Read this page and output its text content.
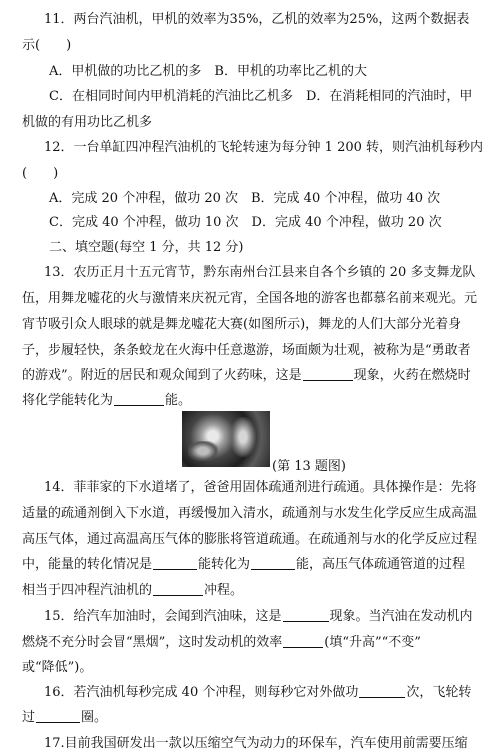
11．两台汽油机，甲机的效率为35%，乙机的效率为25%，这两个数据表
示(　　)
A．甲机做的功比乙机的多　B．甲机的功率比乙机的大
C．在相同时间内甲机消耗的汽油比乙机多　D．在消耗相同的汽油时，甲
机做的有用功比乙机多
12．一台单缸四冲程汽油机的飞轮转速为每分钟 1 200 转，则汽油机每秒内
(　　)
A．完成 20 个冲程，做功 20 次　B．完成 40 个冲程，做功 40 次
C．完成 40 个冲程，做功 10 次　D．完成 40 个冲程，做功 20 次
二、填空题(每空 1 分，共 12 分)
13．农历正月十五元宵节，黔东南州台江县来自各个乡镇的 20 多支舞龙队
伍，用舞龙嘘花的火与激情来庆祝元宵，全国各地的游客也都慕名前来观光。元
宵节吸引众人眼球的就是舞龙嘘花大赛(如图所示)，舞龙的人们大部分光着身
子，步履轻快，条条蛟龙在火海中任意遨游，场面颇为壮观，被称为是“勇敢者
的游戏”。附近的居民和观众闻到了火药味，这是	现象，火药在燃烧时
将化学能转化为	能。
(第 13 题图)
14．菲菲家的下水道堵了，爸爸用固体疏通剂进行疏通。具体操作是：先将
适量的疏通剂倒入下水道，再缓慢加入清水，疏通剂与水发生化学反应生成高温
高压气体，通过高温高压气体的膨胀将管道疏通。在疏通剂与水的化学反应过程
中，能量的转化情况是	能转化为	能，高压气体疏通管道的过程
相当于四冲程汽油机的	冲程。
15．给汽车加油时，会闻到汽油味，这是	现象。当汽油在发动机内
燃烧不充分时会冒“黑烟”，这时发动机的效率	(填“升高”“不变”
或“降低”)。
16．若汽油机每秒完成 40 个冲程，则每秒它对外做功	次，飞轮转
过	圈。
17.目前我国研发出一款以压缩空气为动力的环保车，汽车使用前需要压缩
